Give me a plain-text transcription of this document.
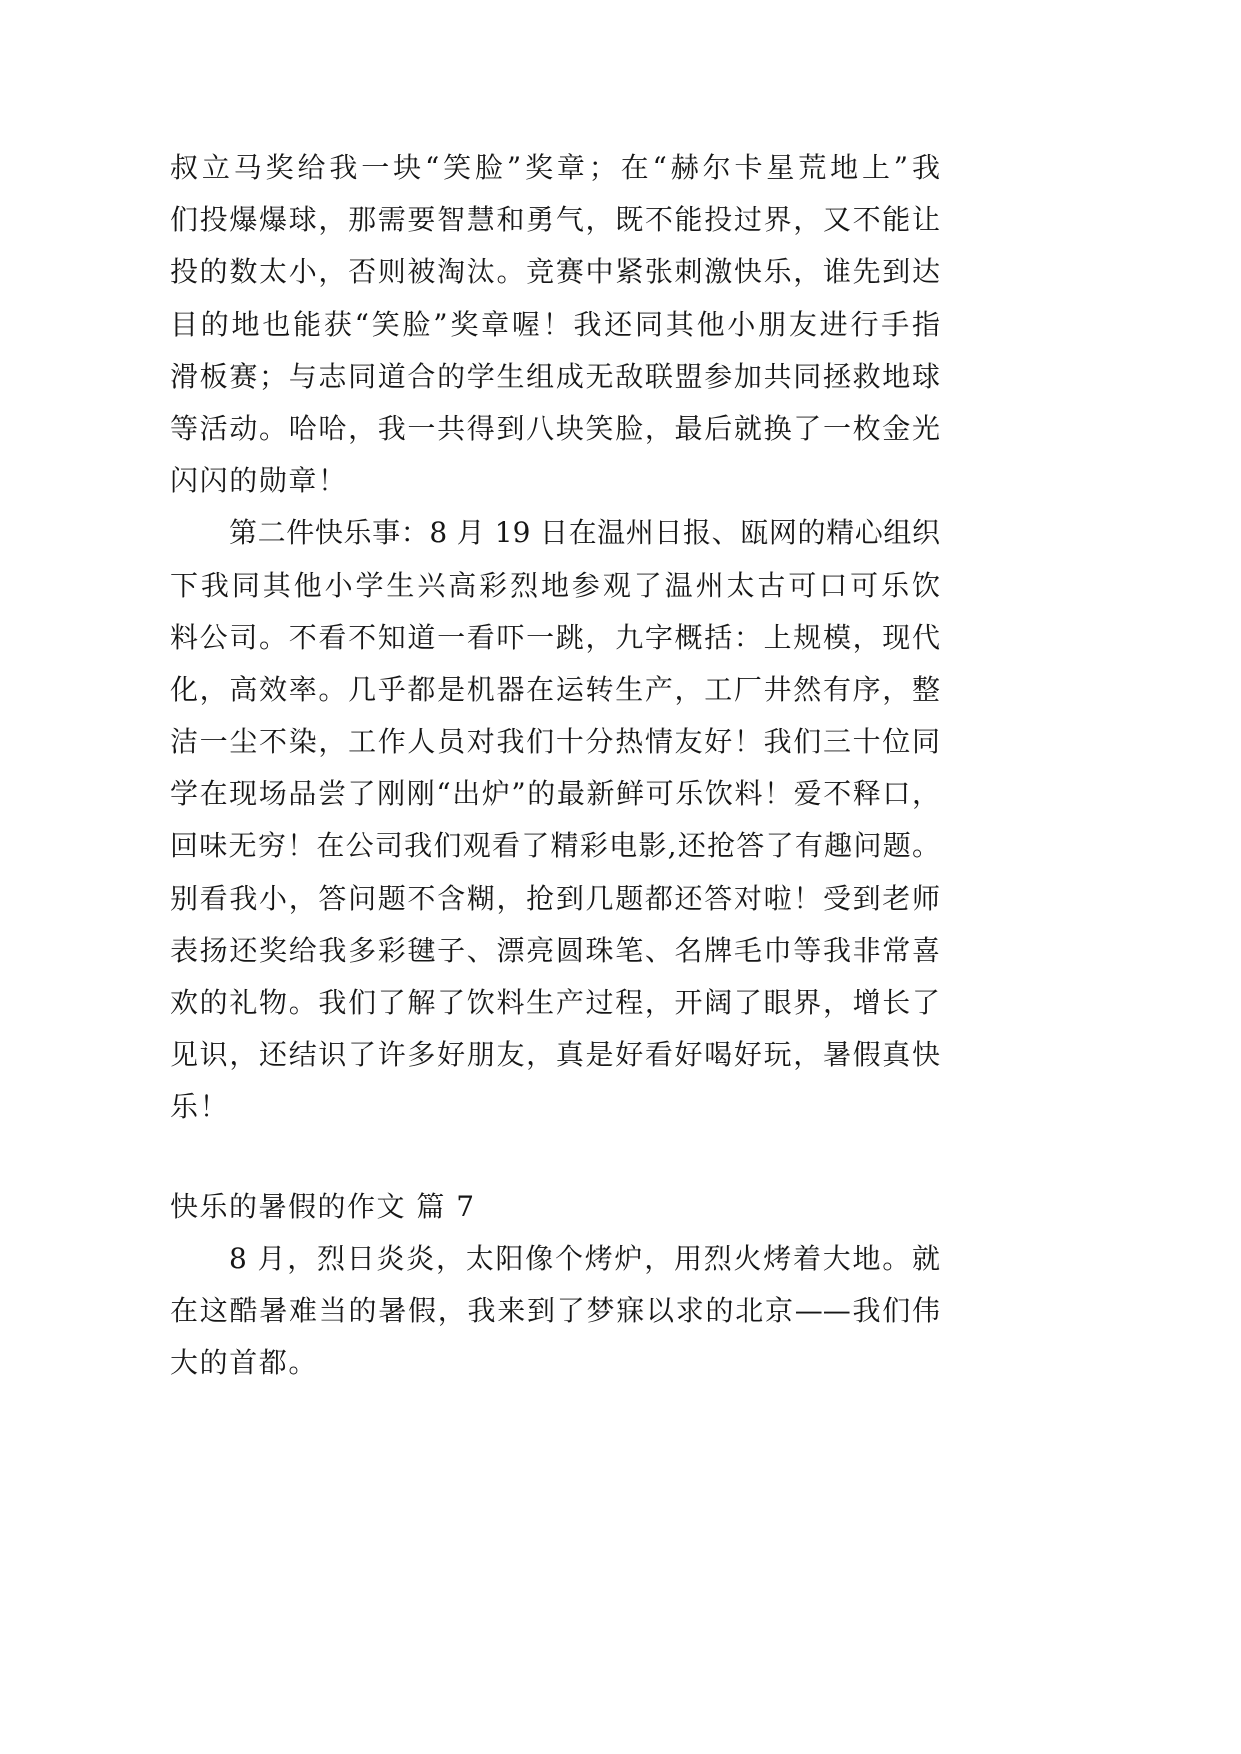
叔立马奖给我一块“笑脸”奖章；在“赫尔卡星荒地上”我
们投爆爆球，那需要智慧和勇气，既不能投过界，又不能让
投的数太小，否则被淘汰。竞赛中紧张刺激快乐，谁先到达
目的地也能获“笑脸”奖章喔！我还同其他小朋友进行手指
滑板赛；与志同道合的学生组成无敌联盟参加共同拯救地球
等活动。哈哈，我一共得到八块笑脸，最后就换了一枚金光
闪闪的勋章！
第二件快乐事：8 月 19 日在温州日报、瓯网的精心组织
下我同其他小学生兴高彩烈地参观了温州太古可口可乐饮
料公司。不看不知道一看吓一跳，九字概括：上规模，现代
化，高效率。几乎都是机器在运转生产，工厂井然有序，整
洁一尘不染，工作人员对我们十分热情友好！我们三十位同
学在现场品尝了刚刚“出炉”的最新鲜可乐饮料！爱不释口，
回味无穷！在公司我们观看了精彩电影,还抢答了有趣问题。
别看我小，答问题不含糊，抢到几题都还答对啦！受到老师
表扬还奖给我多彩毽子、漂亮圆珠笔、名牌毛巾等我非常喜
欢的礼物。我们了解了饮料生产过程，开阔了眼界，增长了
见识，还结识了许多好朋友，真是好看好喝好玩，暑假真快
乐！
快乐的暑假的作文 篇 7
8 月，烈日炎炎，太阳像个烤炉，用烈火烤着大地。就
在这酷暑难当的暑假，我来到了梦寐以求的北京——我们伟
大的首都。
